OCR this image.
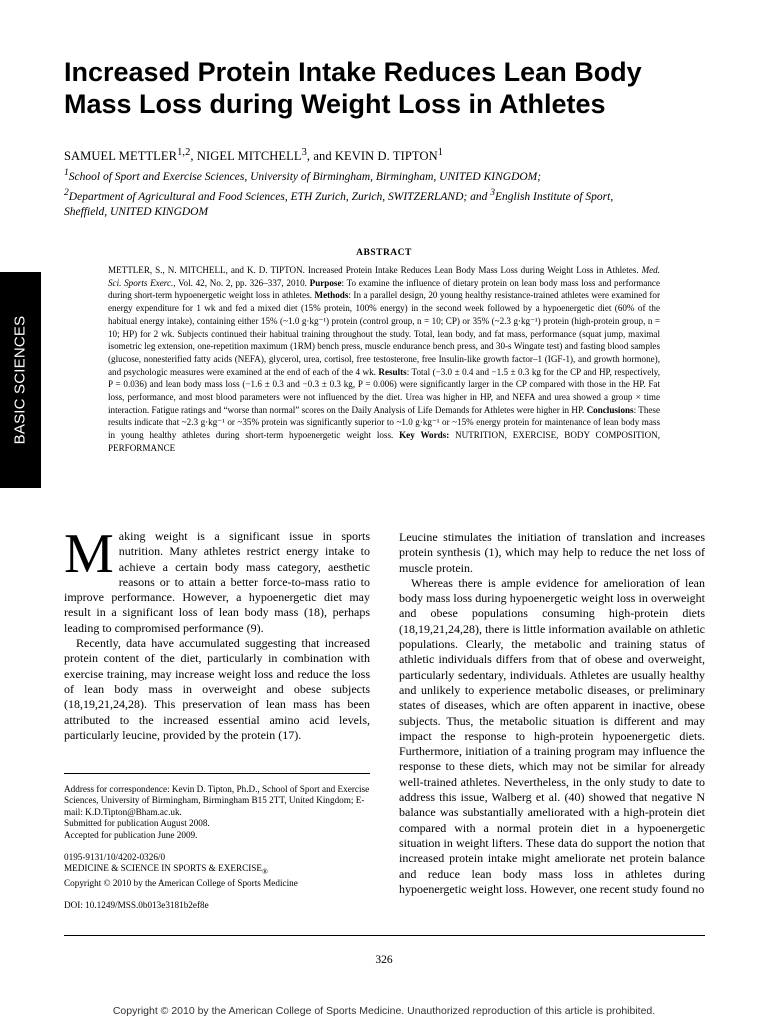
Increased Protein Intake Reduces Lean Body
Mass Loss during Weight Loss in Athletes
SAMUEL METTLER$^{1,2}$, NIGEL MITCHELL$^3$, and KEVIN D. TIPTON$^1$
$^1$School of Sport and Exercise Sciences, University of Birmingham, Birmingham, UNITED KINGDOM;
$^2$Department of Agricultural and Food Sciences, ETH Zurich, Zurich, SWITZERLAND; and $^3$English Institute of Sport,
Sheffield, UNITED KINGDOM
BASIC SCIENCES
ABSTRACT
METTLER, S., N. MITCHELL, and K. D. TIPTON. Increased Protein Intake Reduces Lean Body Mass Loss during Weight Loss in Athletes. Med. Sci. Sports Exerc., Vol. 42, No. 2, pp. 326–337, 2010. Purpose: To examine the influence of dietary protein on lean body mass loss and performance during short-term hypoenergetic weight loss in athletes. Methods: In a parallel design, 20 young healthy resistance-trained athletes were examined for energy expenditure for 1 wk and fed a mixed diet (15% protein, 100% energy) in the second week followed by a hypoenergetic diet (60% of the habitual energy intake), containing either 15% (~1.0 g·kg⁻¹) protein (control group, n = 10; CP) or 35% (~2.3 g·kg⁻¹) protein (high-protein group, n = 10; HP) for 2 wk. Subjects continued their habitual training throughout the study. Total, lean body, and fat mass, performance (squat jump, maximal isometric leg extension, one-repetition maximum (1RM) bench press, muscle endurance bench press, and 30-s Wingate test) and fasting blood samples (glucose, nonesterified fatty acids (NEFA), glycerol, urea, cortisol, free testosterone, free Insulin-like growth factor–1 (IGF-1), and growth hormone), and psychologic measures were examined at the end of each of the 4 wk. Results: Total (−3.0 ± 0.4 and −1.5 ± 0.3 kg for the CP and HP, respectively, P = 0.036) and lean body mass loss (−1.6 ± 0.3 and −0.3 ± 0.3 kg, P = 0.006) were significantly larger in the CP compared with those in the HP. Fat loss, performance, and most blood parameters were not influenced by the diet. Urea was higher in HP, and NEFA and urea showed a group × time interaction. Fatigue ratings and “worse than normal” scores on the Daily Analysis of Life Demands for Athletes were higher in HP. Conclusions: These results indicate that ~2.3 g·kg⁻¹ or ~35% protein was significantly superior to ~1.0 g·kg⁻¹ or ~15% energy protein for maintenance of lean body mass in young healthy athletes during short-term hypoenergetic weight loss. Key Words: NUTRITION, EXERCISE, BODY COMPOSITION, PERFORMANCE

Making weight is a significant issue in sports nutrition. Many athletes restrict energy intake to achieve a certain body mass category, aesthetic reasons or to attain a better force-to-mass ratio to improve performance. However, a hypoenergetic diet may result in a significant loss of lean body mass (18), perhaps leading to compromised performance (9).

Recently, data have accumulated suggesting that increased protein content of the diet, particularly in combination with exercise training, may increase weight loss and reduce the loss of lean body mass in overweight and obese subjects (18,19,21,24,28). This preservation of lean mass has been attributed to the increased essential amino acid levels, particularly leucine, provided by the protein (17).

Leucine stimulates the initiation of translation and increases protein synthesis (1), which may help to reduce the net loss of muscle protein.

Whereas there is ample evidence for amelioration of lean body mass loss during hypoenergetic weight loss in overweight and obese populations consuming high-protein diets (18,19,21,24,28), there is little information available on athletic populations. Clearly, the metabolic and training status of athletic individuals differs from that of obese and overweight, particularly sedentary, individuals. Athletes are usually healthy and unlikely to experience metabolic diseases, or preliminary states of diseases, which are often apparent in inactive, obese subjects. Thus, the metabolic situation is different and may impact the response to high-protein hypoenergetic diets. Furthermore, initiation of a training program may influence the response to these diets, which may not be similar for already well-trained athletes. Nevertheless, in the only study to date to address this issue, Walberg et al. (40) showed that negative N balance was substantially ameliorated with a high-protein diet compared with a normal protein diet in a hypoenergetic situation in weight lifters. These data do support the notion that increased protein intake might ameliorate net protein balance and reduce lean body mass loss in athletes during hypoenergetic weight loss. However, one recent study found no

Address for correspondence: Kevin D. Tipton, Ph.D., School of Sport and Exercise Sciences, University of Birmingham, Birmingham B15 2TT, United Kingdom; E-mail: K.D.Tipton@Bham.ac.uk.

Submitted for publication August 2008.

Accepted for publication June 2009.

0195-9131/10/4202-0326/0

MEDICINE & SCIENCE IN SPORTS & $EXERCISE_®$

Copyright © 2010 by the American College of Sports Medicine

DOI: 10.1249/MSS.0b013e3181b2ef8e

326
Copyright © 2010 by the American College of Sports Medicine. Unauthorized reproduction of this article is prohibited.
